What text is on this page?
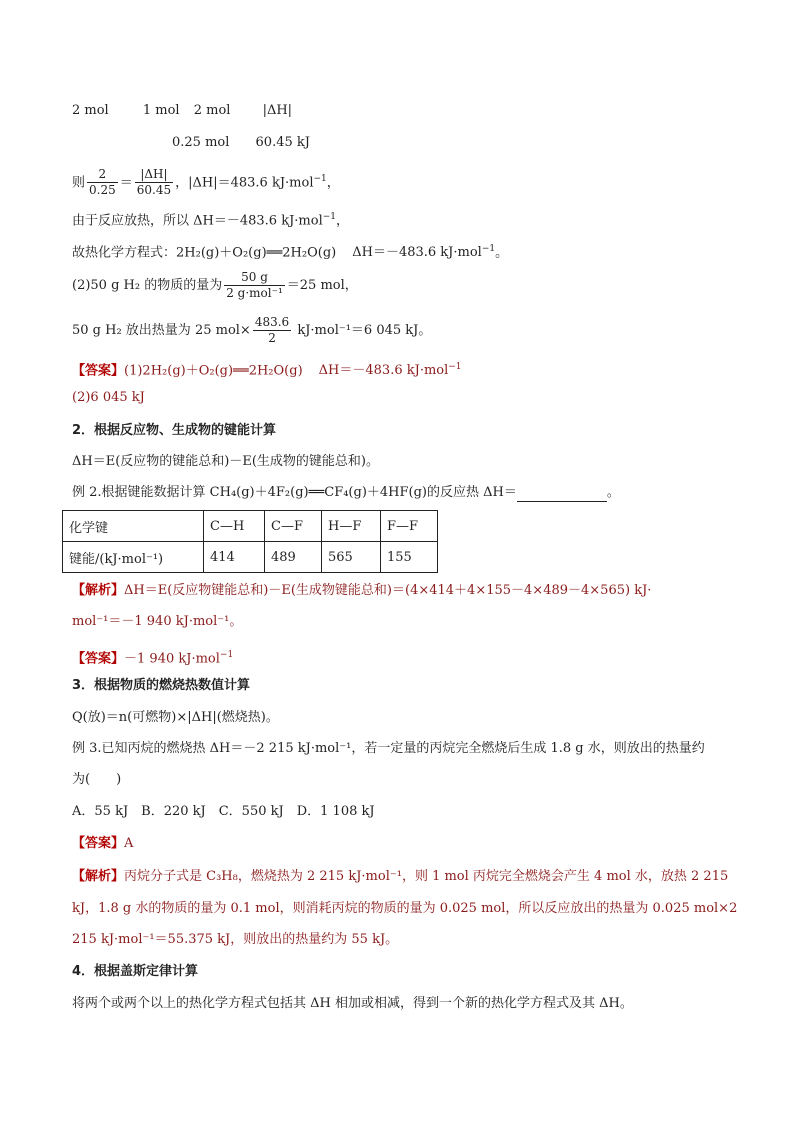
2 mol	1 mol 2 mol |ΔH|
0.25 mol 60.45 kJ
则 $\frac{2}{0.25} = \frac{|\Delta H|}{60.45}$ ，|ΔH|＝483.6 kJ·mol$^{-1}$，
由于反应放热，所以 ΔH＝－483.6 kJ·mol$^{-1}$，
故热化学方程式：2H₂(g)＋O₂(g)══2H₂O(g) ΔH＝－483.6 kJ·mol$^{-1}$。
(2)50 g H₂ 的物质的量为 $\frac{50 g}{\text{2 g·mol⁻¹}} =25$ mol，
50 g H₂ 放出热量为 25 $mol\times \frac{483.6}{2} kJ\cdot mol^{-1}=6$ 045 kJ。
【答案】(1)2H₂(g)＋O₂(g)══2H₂O(g) ΔH＝－483.6 kJ·mol$^{-1}$
(2)6 045 kJ
2．根据反应物、生成物的键能计算
ΔH＝E(反应物的键能总和)－E(生成物的键能总和)。
例 2.根据键能数据计算 CH₄(g)＋4F₂(g)══CF₄(g)＋4HF(g)的反应热 ΔH＝	。
化学键	C—H	C—F	H—F	F—F
键能/(kJ·mol⁻¹)	414	489	565	155
【解析】ΔH＝E(反应物键能总和)－E(生成物键能总和)＝(4×414＋4×155－4×489－4×565) kJ·
mol⁻¹＝－1 940 kJ·mol⁻¹。
【答案】－1 940 kJ·mol$^{-1}$
3．根据物质的燃烧热数值计算
Q(放)＝n(可燃物)×|ΔH|(燃烧热)。
例 3.已知丙烷的燃烧热 ΔH＝－2 215 kJ·mol⁻¹，若一定量的丙烷完全燃烧后生成 1.8 g 水，则放出的热量约
为(　　)
A．55 kJ　B．220 kJ　C．550 kJ　D．1 108 kJ
【答案】A
【解析】丙烷分子式是 C₃H₈，燃烧热为 2 215 kJ·mol⁻¹，则 1 mol 丙烷完全燃烧会产生 4 mol 水，放热 2 215
kJ，1.8 g 水的物质的量为 0.1 mol，则消耗丙烷的物质的量为 0.025 mol，所以反应放出的热量为 0.025 mol×2
215 kJ·mol⁻¹＝55.375 kJ，则放出的热量约为 55 kJ。
4．根据盖斯定律计算
将两个或两个以上的热化学方程式包括其 ΔH 相加或相减，得到一个新的热化学方程式及其 ΔH。
